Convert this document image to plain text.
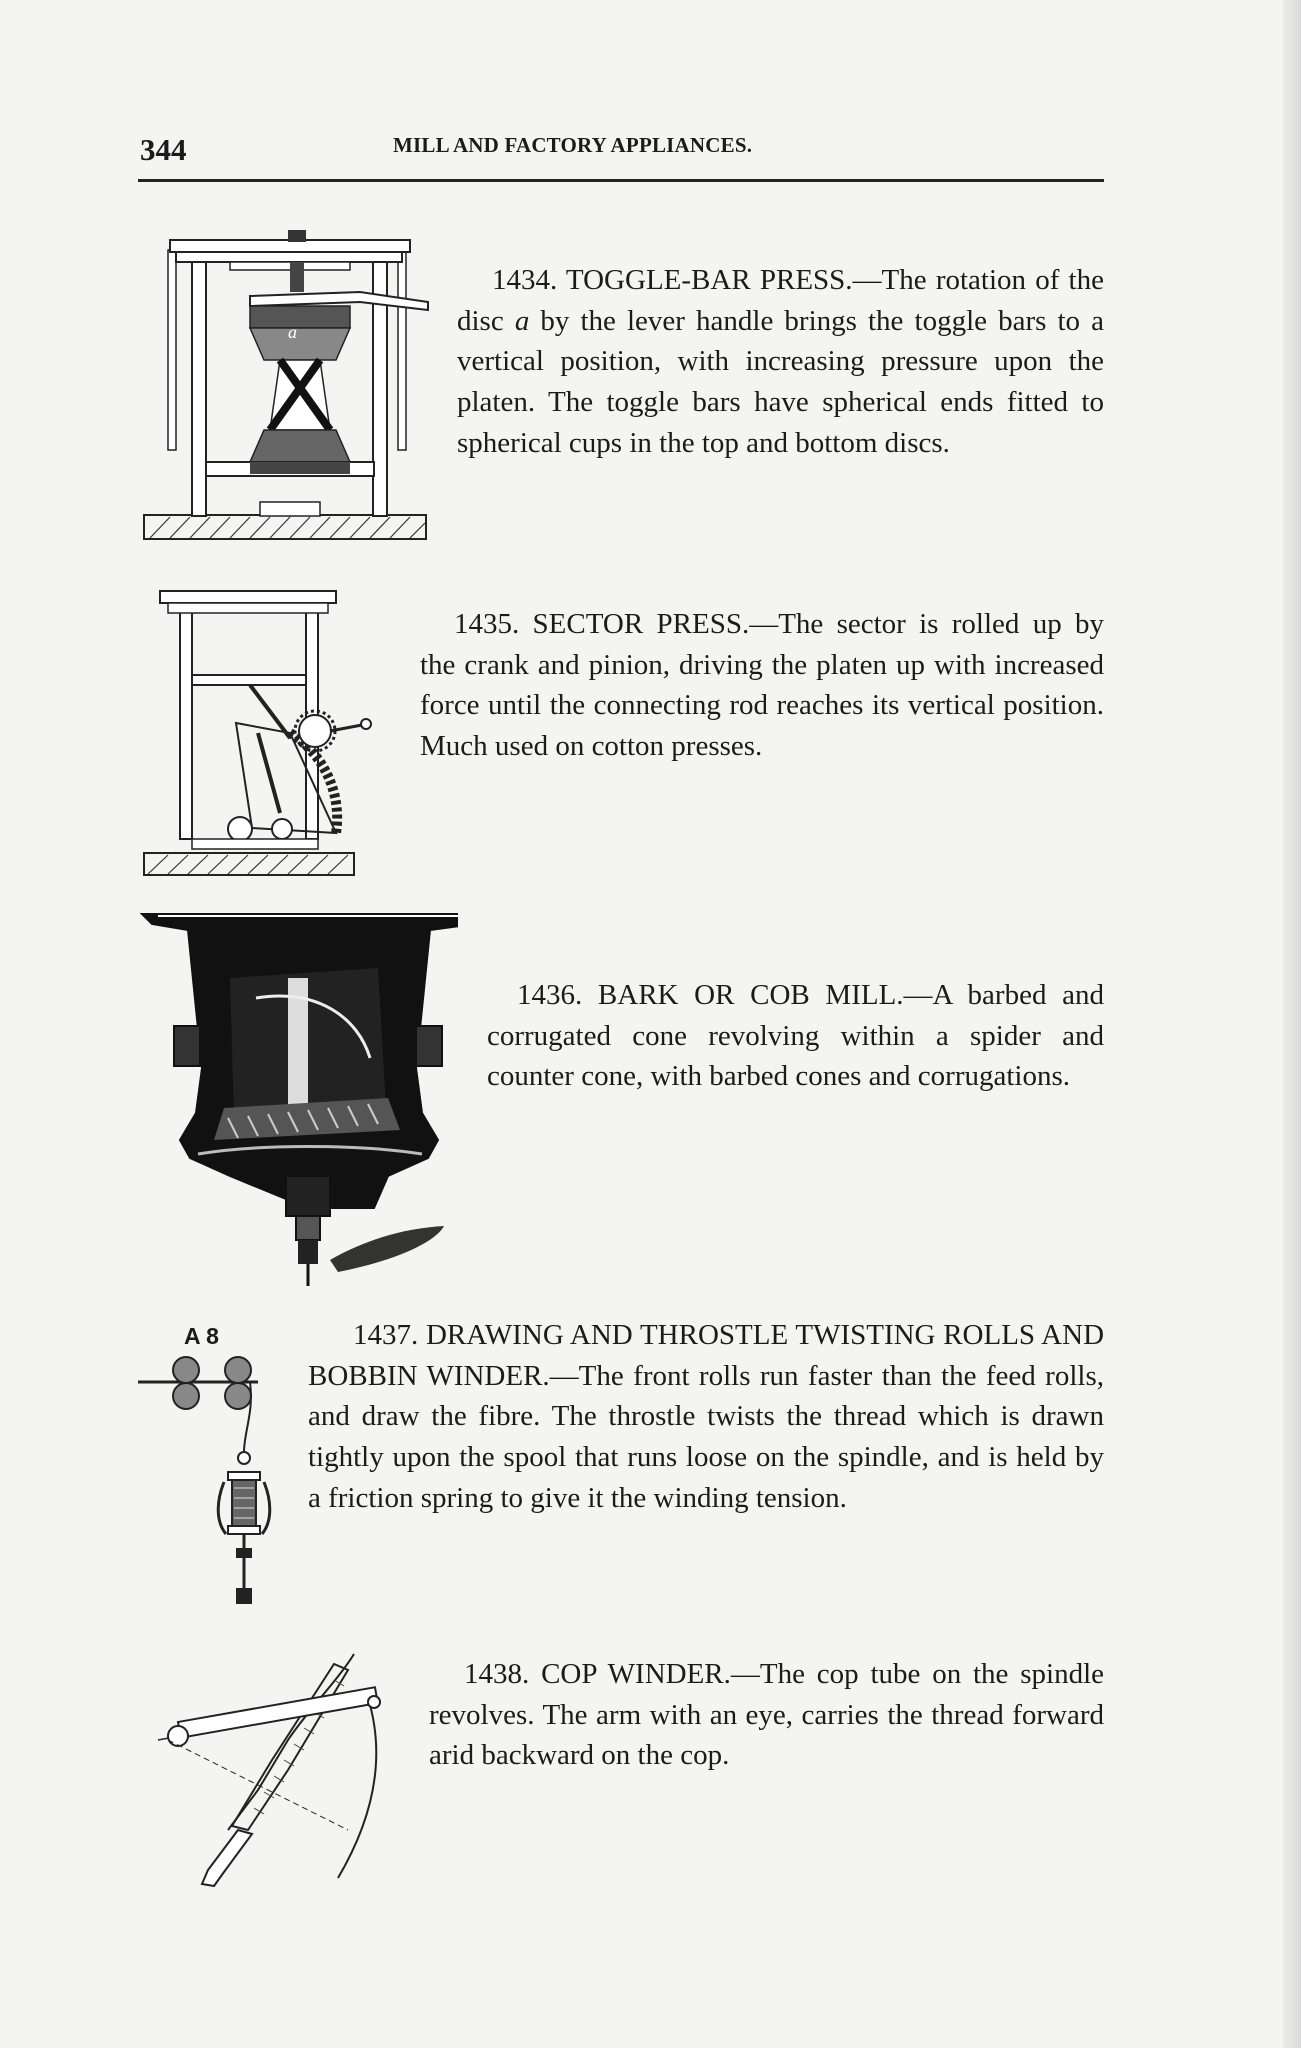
344	MILL AND FACTORY APPLIANCES.
a
1434. TOGGLE-BAR PRESS.—The rotation of the disc a by the lever handle brings the toggle bars to a vertical position, with increasing pressure upon the platen. The toggle bars have spherical ends fitted to spherical cups in the top and bottom discs.
1435. SECTOR PRESS.—The sector is rolled up by the crank and pinion, driving the platen up with increased force until the connecting rod reaches its vertical position. Much used on cotton presses.
1436. BARK OR COB MILL.—A barbed and corrugated cone revolving within a spider and counter cone, with barbed cones and corrugations.
A 8	1437. DRAWING AND THROSTLE TWISTING ROLLS AND BOBBIN WINDER.—The front rolls run faster than the feed rolls, and draw the fibre. The throstle twists the thread which is drawn tightly upon the spool that runs loose on the spindle, and is held by a friction spring to give it the winding tension.
1438. COP WINDER.—The cop tube on the spindle revolves. The arm with an eye, carries the thread forward arid backward on the cop.
